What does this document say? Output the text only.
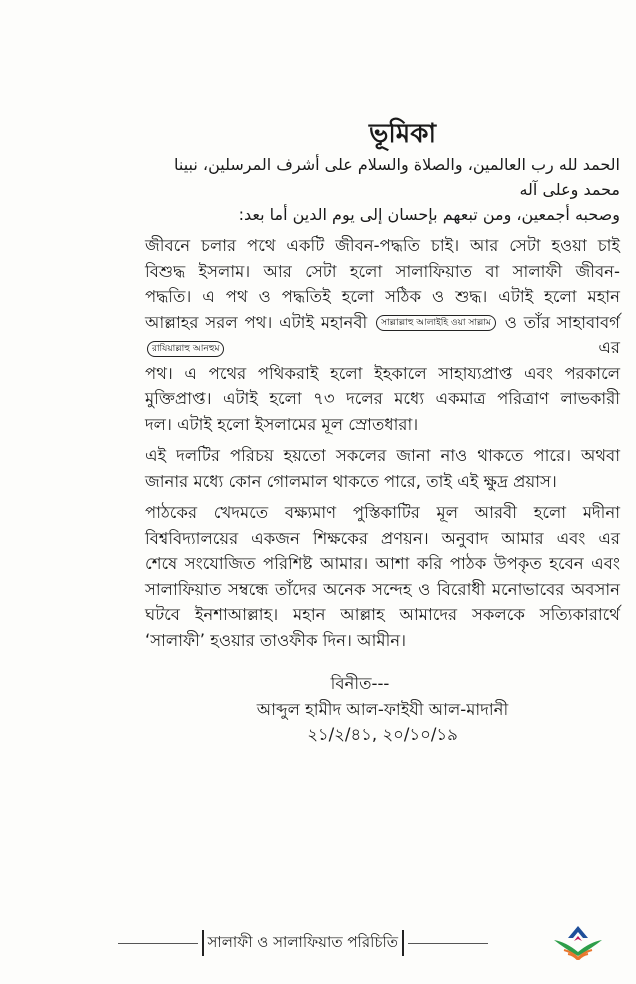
ভূমিকা
الحمد لله رب العالمين، والصلاة والسلام على أشرف المرسلين، نبينا محمد وعلى آله
وصحبه أجمعين، ومن تبعهم بإحسان إلى يوم الدين أما بعد:
জীবনে চলার পথে একটি জীবন-পদ্ধতি চাই। আর সেটা হওয়া চাই
বিশুদ্ধ ইসলাম। আর সেটা হলো সালাফিয়াত বা সালাফী জীবন-
পদ্ধতি। এ পথ ও পদ্ধতিই হলো সঠিক ও শুদ্ধ। এটাই হলো মহান
আল্লাহর সরল পথ। এটাই মহানবী সাল্লাল্লাহু আলাইহি ওয়া সাল্লাম ও তাঁর সাহাবাবর্গ রাযিয়াল্লাহু আনহুম	এর
পথ। এ পথের পথিকরাই হলো ইহকালে সাহায্যপ্রাপ্ত এবং পরকালে
মুক্তিপ্রাপ্ত। এটাই হলো ৭৩ দলের মধ্যে একমাত্র পরিত্রাণ লাভকারী
দল। এটাই হলো ইসলামের মূল স্রোতধারা।
এই দলটির পরিচয় হয়তো সকলের জানা নাও থাকতে পারে। অথবা
জানার মধ্যে কোন গোলমাল থাকতে পারে, তাই এই ক্ষুদ্র প্রয়াস।
পাঠকের খেদমতে বক্ষ্যমাণ পুস্তিকাটির মূল আরবী হলো মদীনা
বিশ্ববিদ্যালয়ের একজন শিক্ষকের প্রণয়ন। অনুবাদ আমার এবং এর
শেষে সংযোজিত পরিশিষ্ট আমার। আশা করি পাঠক উপকৃত হবেন এবং
সালাফিয়াত সম্বন্ধে তাঁদের অনেক সন্দেহ ও বিরোধী মনোভাবের অবসান
ঘটবে ইনশাআল্লাহ। মহান আল্লাহ আমাদের সকলকে সত্যিকারার্থে
‘সালাফী’ হওয়ার তাওফীক দিন। আমীন।
বিনীত---
আব্দুল হামীদ আল-ফাইযী আল-মাদানী
২১/২/৪১, ২০/১০/১৯
সালাফী ও সালাফিয়াত পরিচিতি
